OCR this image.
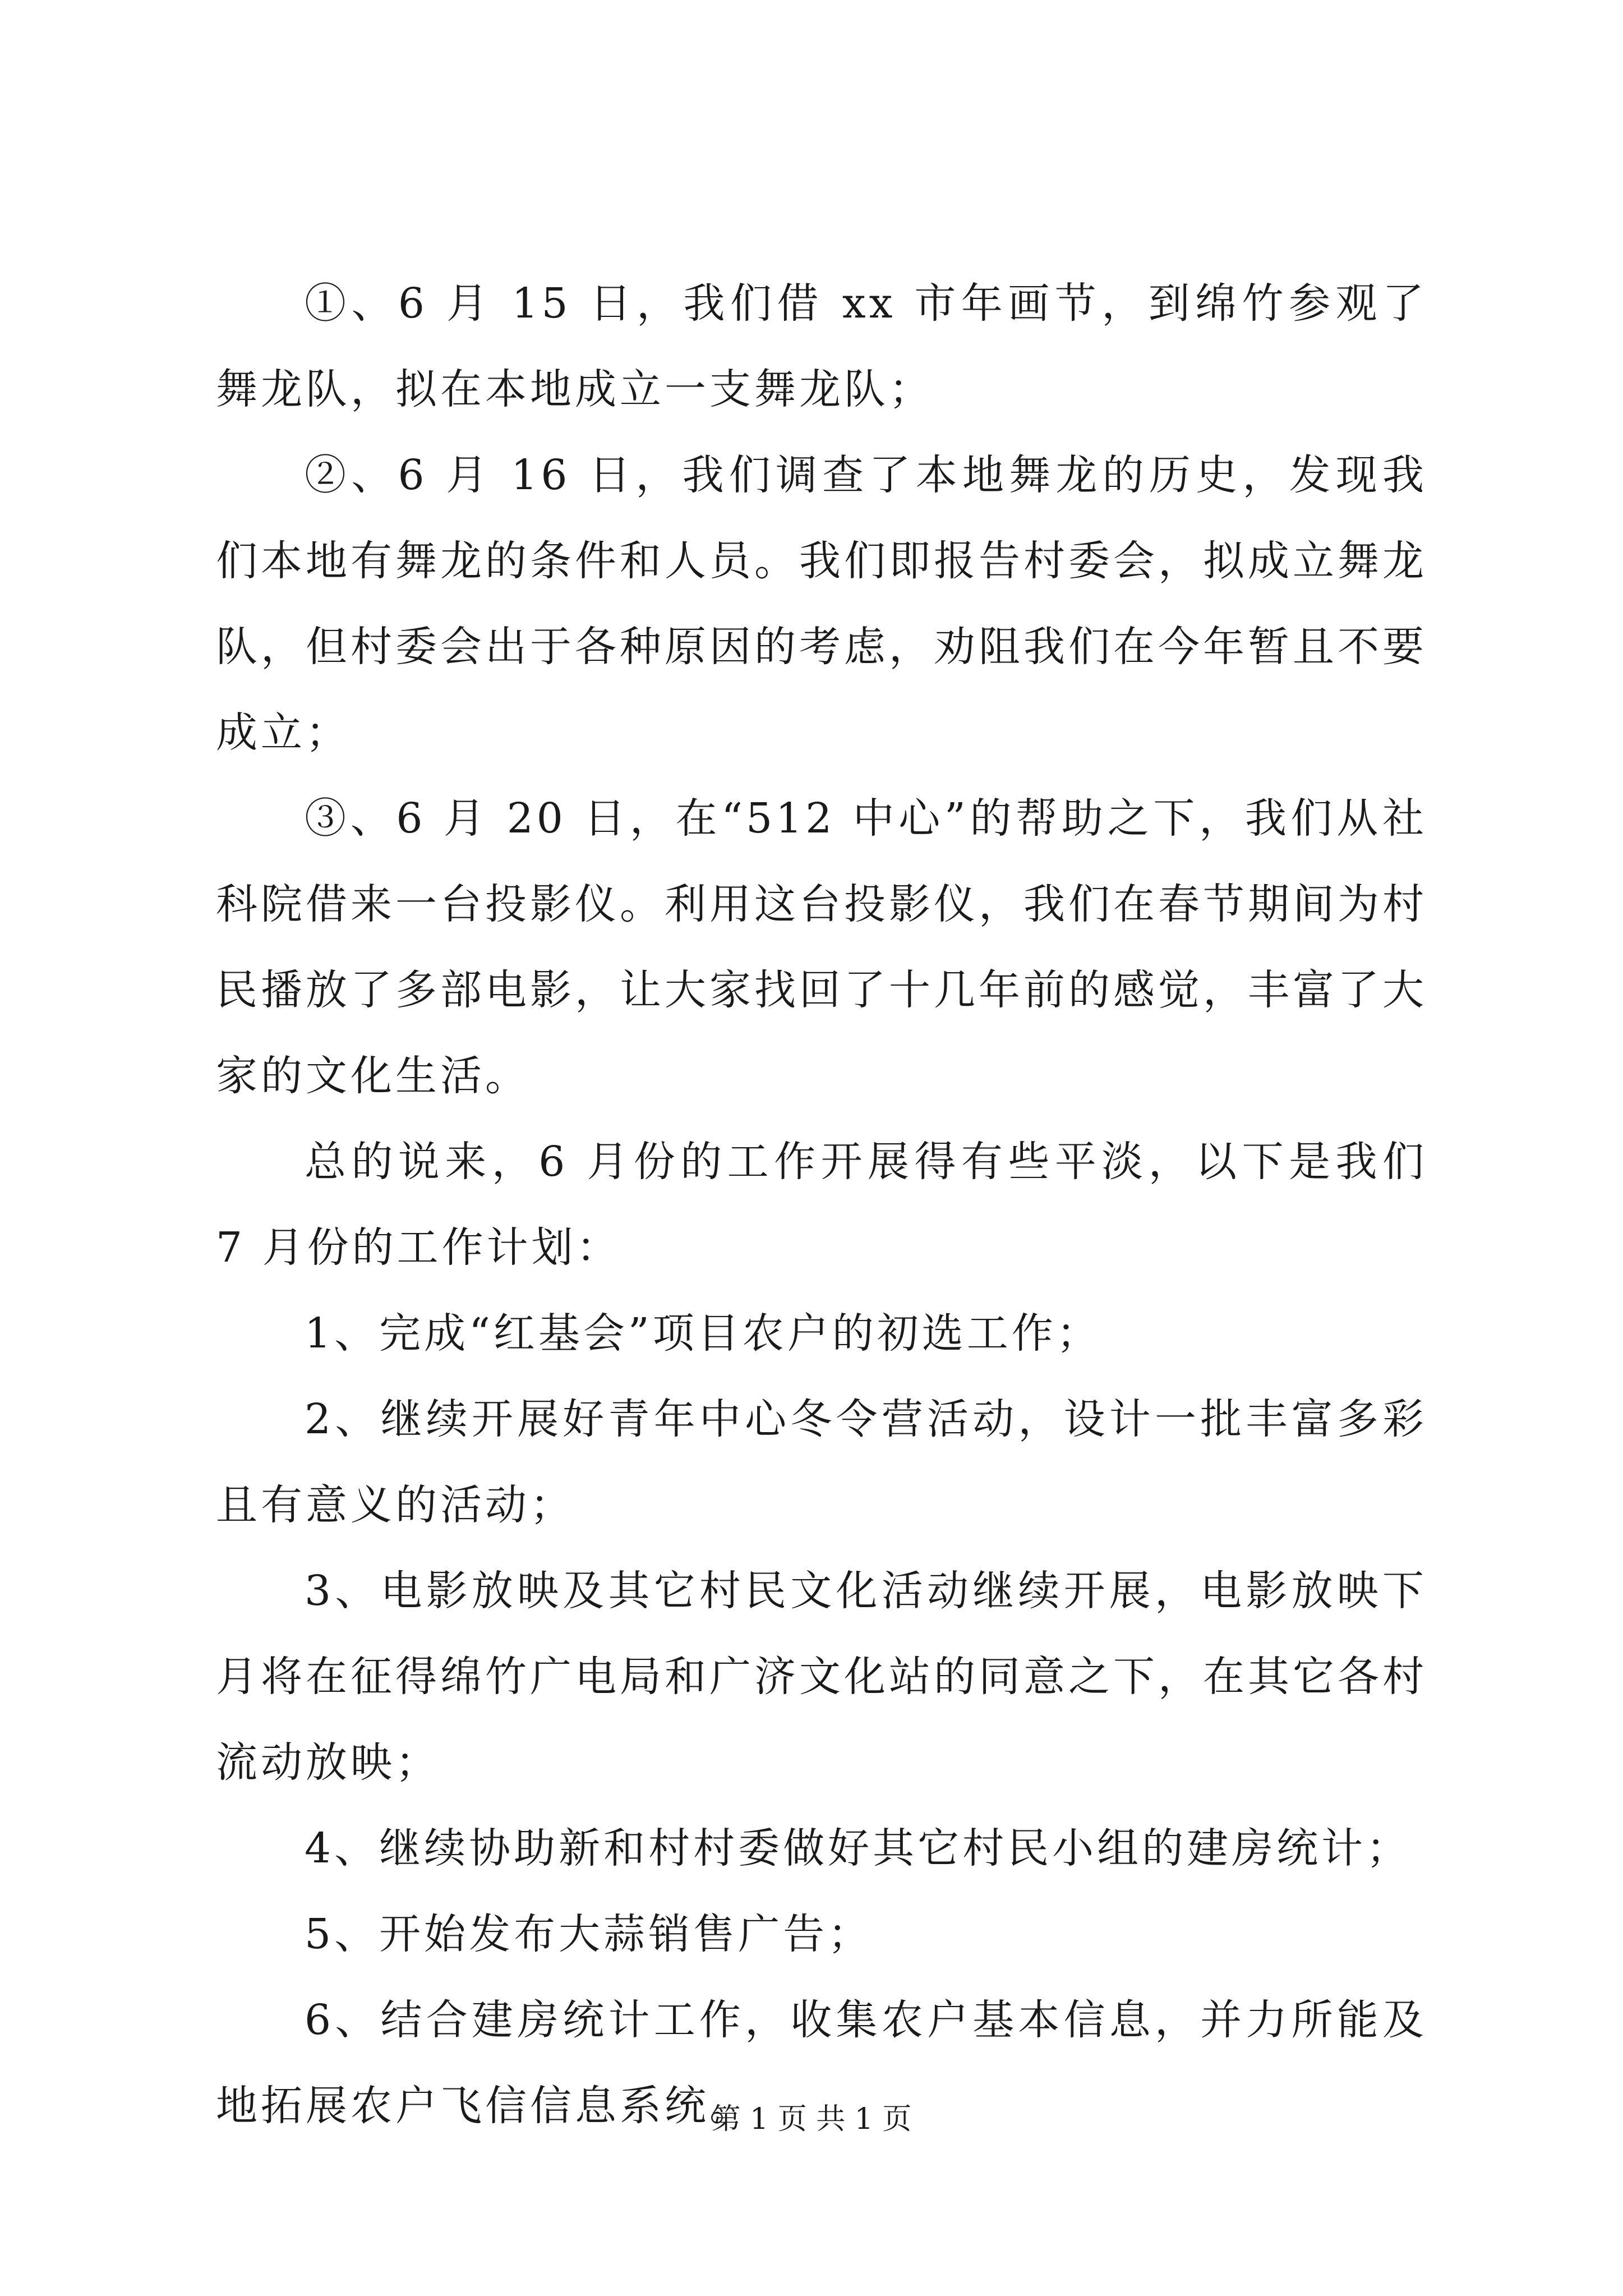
①、6 月 15 日，我们借 xx 市年画节，到绵竹参观了舞龙队，拟在本地成立一支舞龙队；

②、6 月 16 日，我们调查了本地舞龙的历史，发现我们本地有舞龙的条件和人员。我们即报告村委会，拟成立舞龙队，但村委会出于各种原因的考虑，劝阻我们在今年暂且不要成立；

③、6 月 20 日，在“512 中心”的帮助之下，我们从社科院借来一台投影仪。利用这台投影仪，我们在春节期间为村民播放了多部电影，让大家找回了十几年前的感觉，丰富了大家的文化生活。

总的说来，6 月份的工作开展得有些平淡，以下是我们 7 月份的工作计划：

1、完成“红基会”项目农户的初选工作；

2、继续开展好青年中心冬令营活动，设计一批丰富多彩且有意义的活动；

3、电影放映及其它村民文化活动继续开展，电影放映下月将在征得绵竹广电局和广济文化站的同意之下，在其它各村流动放映；

4、继续协助新和村村委做好其它村民小组的建房统计；

5、开始发布大蒜销售广告；

6、结合建房统计工作，收集农户基本信息，并力所能及地拓展农户飞信信息系统。

第 1 页 共 1 页
